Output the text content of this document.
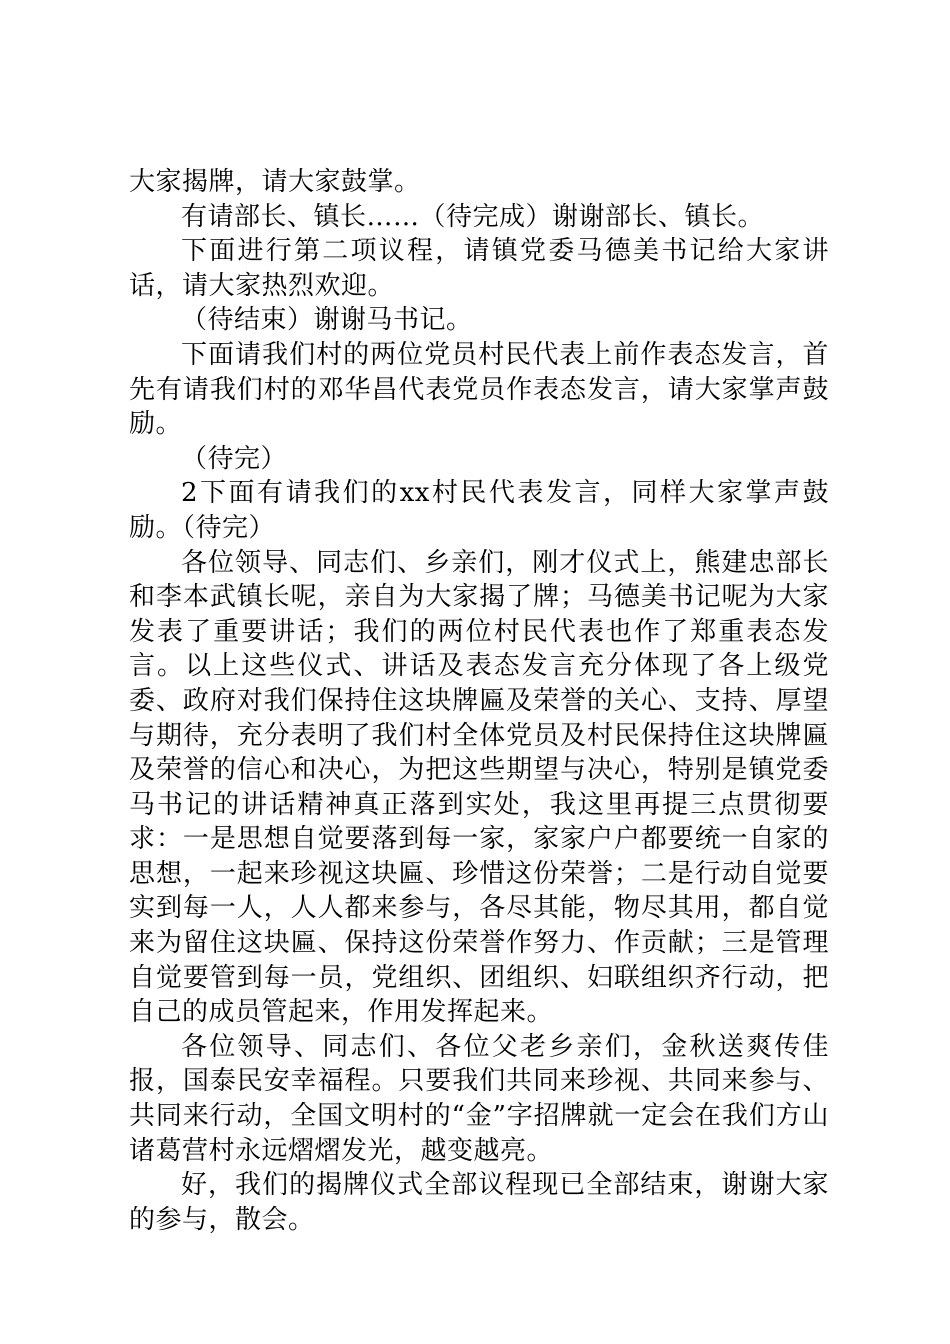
大家揭牌，请大家鼓掌。

有请部长、镇长……（待完成）谢谢部长、镇长。

下面进行第二项议程，请镇党委马德美书记给大家讲话，请大家热烈欢迎。

（待结束）谢谢马书记。

下面请我们村的两位党员村民代表上前作表态发言，首先有请我们村的邓华昌代表党员作表态发言，请大家掌声鼓励。

（待完）

2下面有请我们的xx村民代表发言，同样大家掌声鼓励。（待完）

各位领导、同志们、乡亲们，刚才仪式上，熊建忠部长和李本武镇长呢，亲自为大家揭了牌；马德美书记呢为大家发表了重要讲话；我们的两位村民代表也作了郑重表态发言。以上这些仪式、讲话及表态发言充分体现了各上级党委、政府对我们保持住这块牌匾及荣誉的关心、支持、厚望与期待，充分表明了我们村全体党员及村民保持住这块牌匾及荣誉的信心和决心，为把这些期望与决心，特别是镇党委马书记的讲话精神真正落到实处，我这里再提三点贯彻要求：一是思想自觉要落到每一家，家家户户都要统一自家的思想，一起来珍视这块匾、珍惜这份荣誉；二是行动自觉要实到每一人，人人都来参与，各尽其能，物尽其用，都自觉来为留住这块匾、保持这份荣誉作努力、作贡献；三是管理自觉要管到每一员，党组织、团组织、妇联组织齐行动，把自己的成员管起来，作用发挥起来。

各位领导、同志们、各位父老乡亲们，金秋送爽传佳报，国泰民安幸福程。只要我们共同来珍视、共同来参与、共同来行动，全国文明村的“金”字招牌就一定会在我们方山诸葛营村永远熠熠发光，越变越亮。

好，我们的揭牌仪式全部议程现已全部结束，谢谢大家的参与，散会。
